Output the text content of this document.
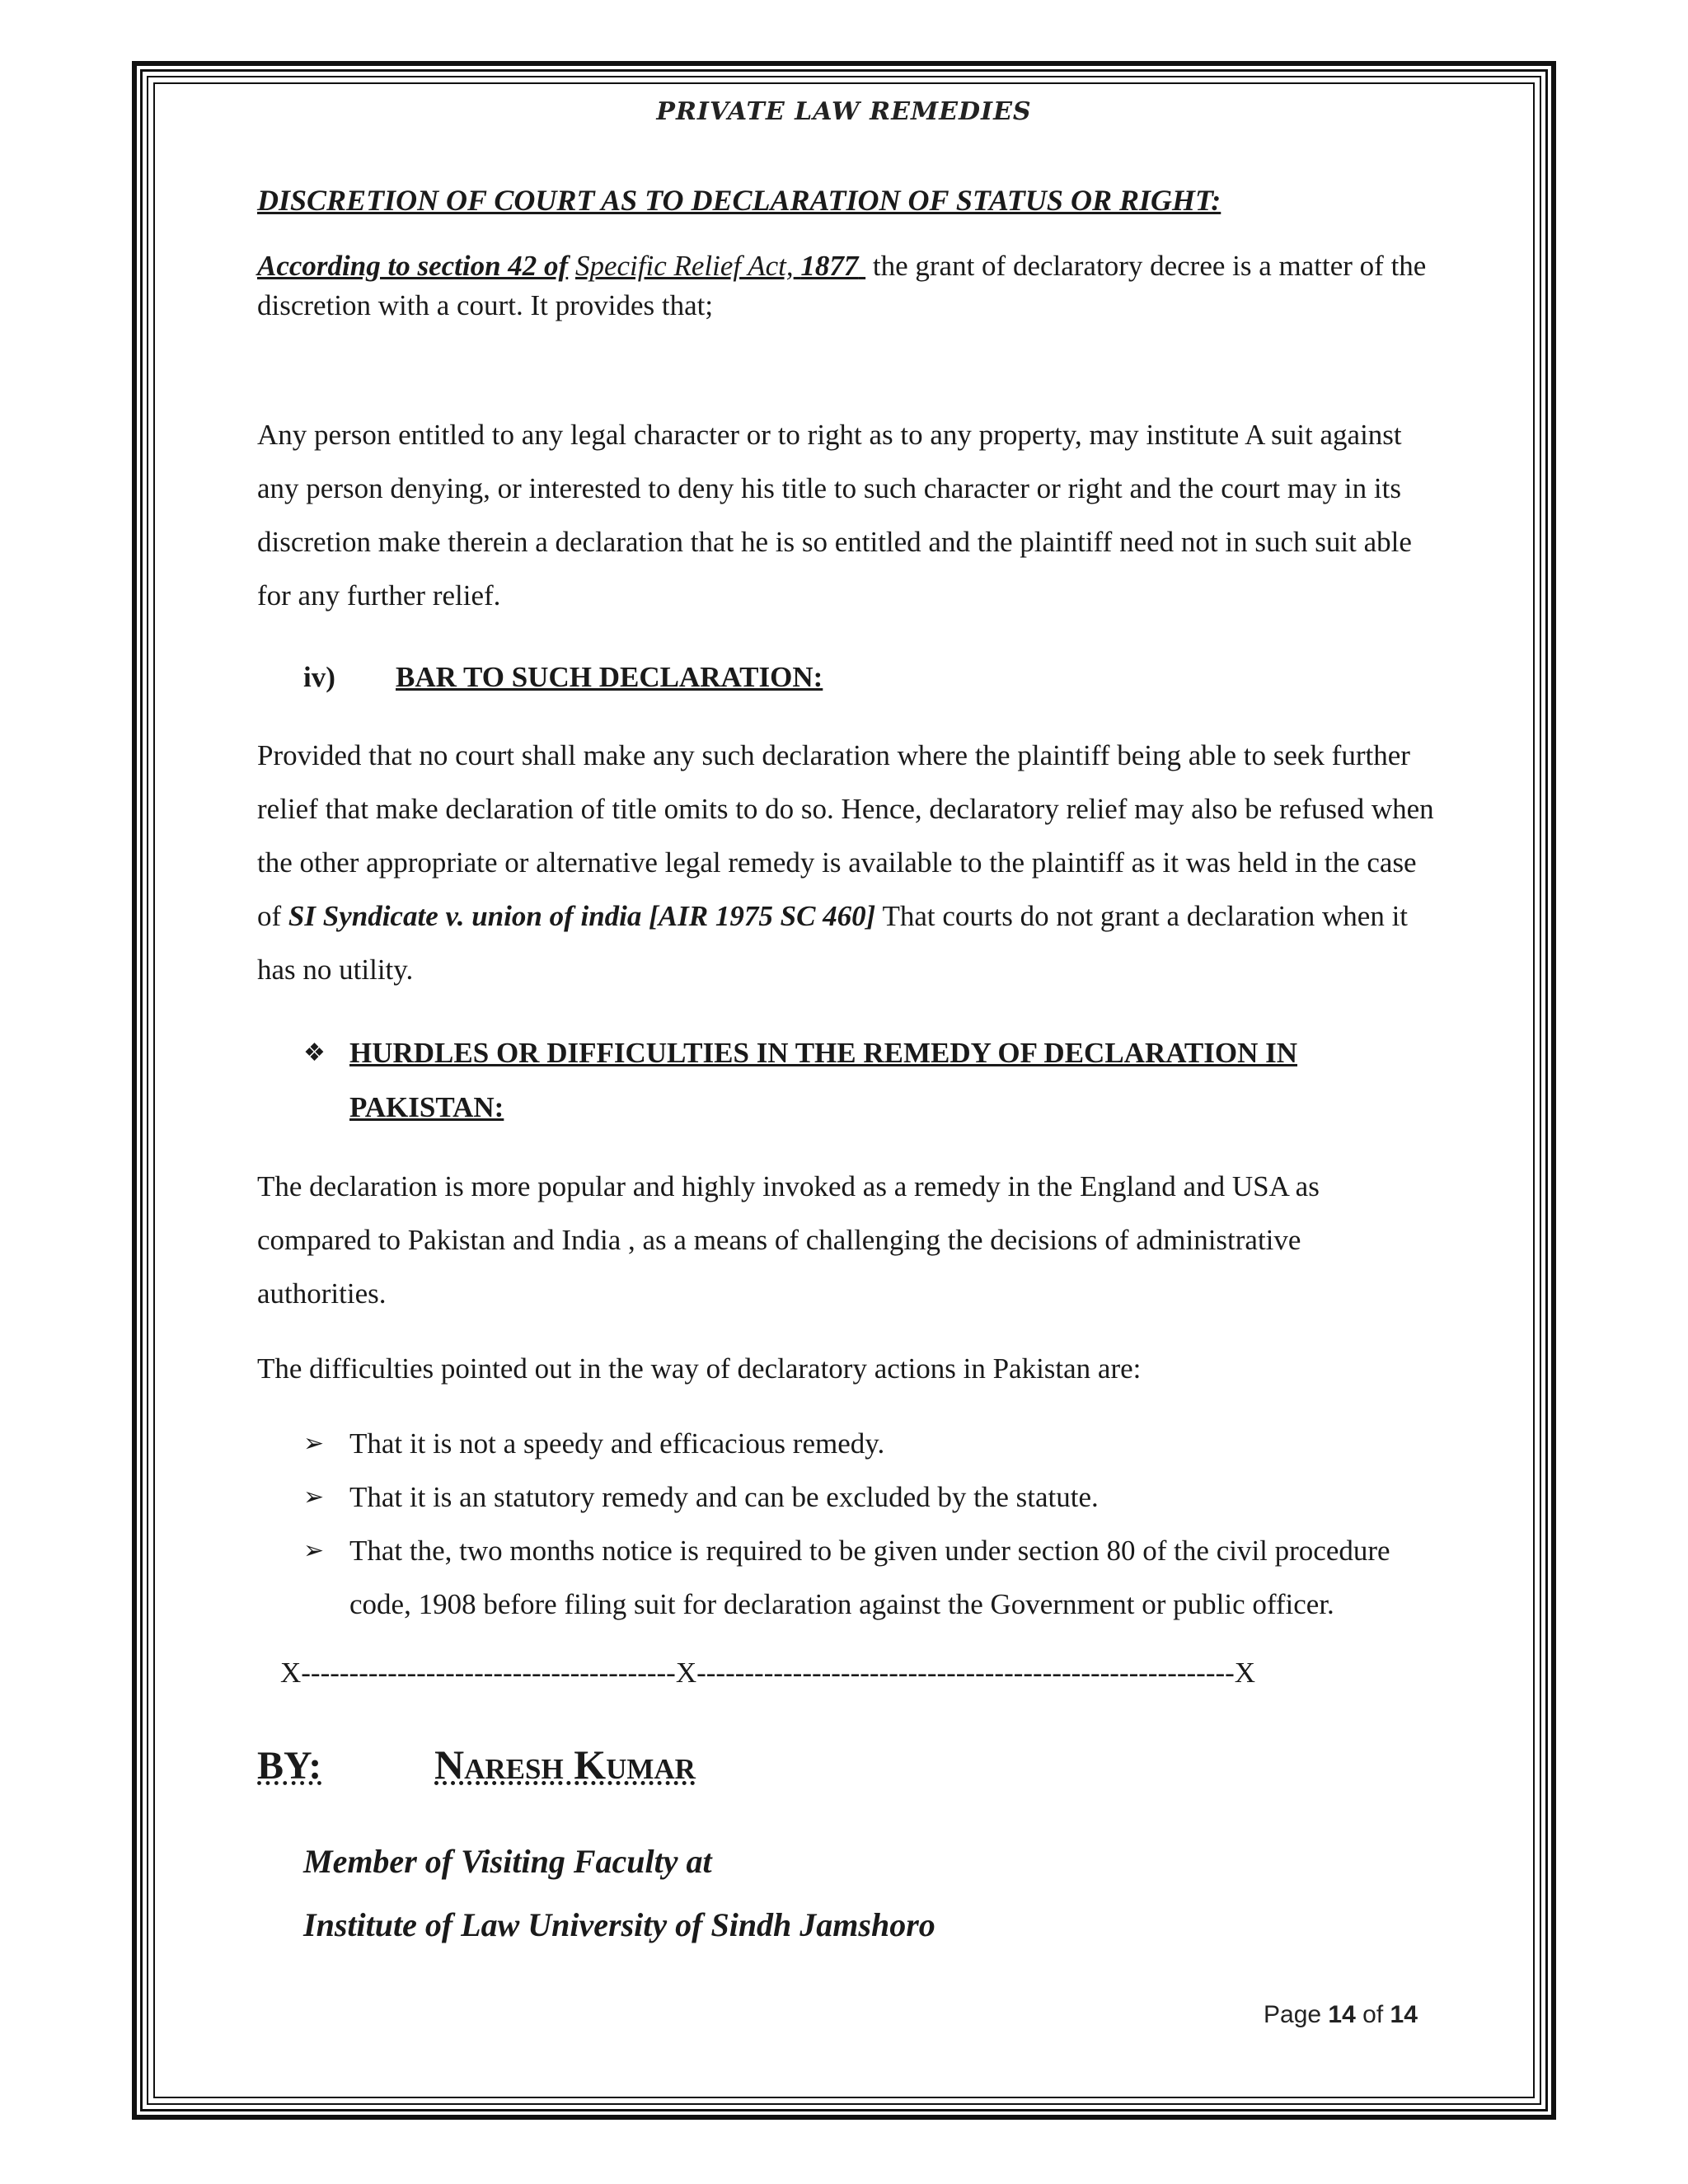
PRIVATE LAW REMEDIES

DISCRETION OF COURT AS TO DECLARATION OF STATUS OR RIGHT:

According to section 42 of Specific Relief Act, 1877  the grant of declaratory decree is a matter of the discretion with a court. It provides that;

Any person entitled to any legal character or to right as to any property, may institute A suit against any person denying, or interested to deny his title to such character or right and the court may in its discretion make therein a declaration that he is so entitled and the plaintiff need not in such suit able for any further relief.

iv) BAR TO SUCH DECLARATION:

Provided that no court shall make any such declaration where the plaintiff being able to seek further relief that make declaration of title omits to do so. Hence, declaratory relief may also be refused when the other appropriate or alternative legal remedy is available to the plaintiff as it was held in the case of SI Syndicate v. union of india [AIR 1975 SC 460] That courts do not grant a declaration when it has no utility.

❖ HURDLES OR DIFFICULTIES IN THE REMEDY OF DECLARATION IN PAKISTAN:

The declaration is more popular and highly invoked as a remedy in the England and USA as compared to Pakistan and India , as a means of challenging the decisions of administrative authorities.

The difficulties pointed out in the way of declaratory actions in Pakistan are:

➢ That it is not a speedy and efficacious remedy.
➢ That it is an statutory remedy and can be excluded by the statute.
➢ That the, two months notice is required to be given under section 80 of the civil procedure code, 1908 before filing suit for declaration against the Government or public officer.
X---------------------------------------X--------------------------------------------------------X
BY:	Naresh Kumar
Member of Visiting Faculty at
Institute of Law University of Sindh Jamshoro
Page 14 of 14
